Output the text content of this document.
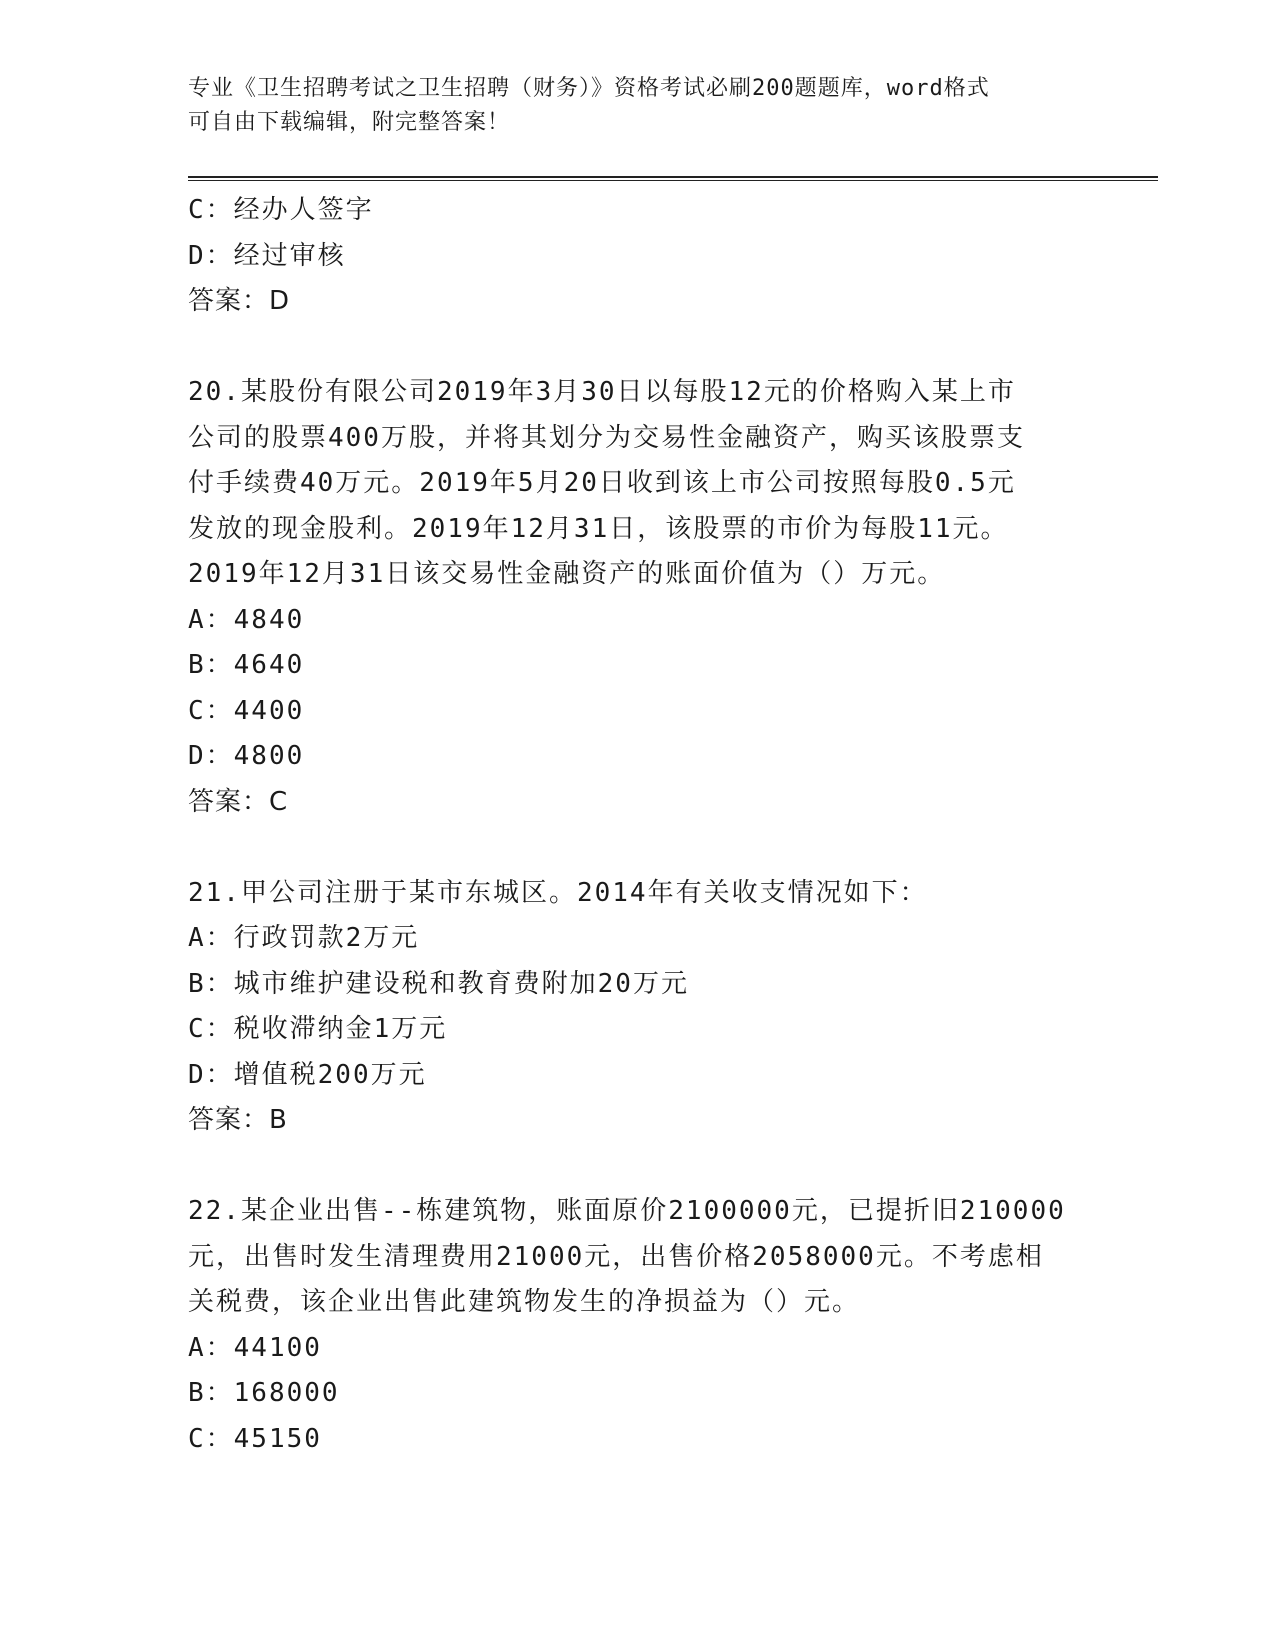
专业《卫生招聘考试之卫生招聘（财务）》资格考试必刷200题题库，word格式
可自由下载编辑，附完整答案！
C：经办人签字
D：经过审核
答案：D
20.某股份有限公司2019年3月30日以每股12元的价格购入某上市
公司的股票400万股，并将其划分为交易性金融资产，购买该股票支
付手续费40万元。2019年5月20日收到该上市公司按照每股0.5元
发放的现金股利。2019年12月31日，该股票的市价为每股11元。
2019年12月31日该交易性金融资产的账面价值为（）万元。
A：4840
B：4640
C：4400
D：4800
答案：C
21.甲公司注册于某市东城区。2014年有关收支情况如下：
A：行政罚款2万元
B：城市维护建设税和教育费附加20万元
C：税收滞纳金1万元
D：增值税200万元
答案：B
22.某企业出售--栋建筑物，账面原价2100000元，已提折旧210000
元，出售时发生清理费用21000元，出售价格2058000元。不考虑相
关税费，该企业出售此建筑物发生的净损益为（）元。
A：44100
B：168000
C：45150
